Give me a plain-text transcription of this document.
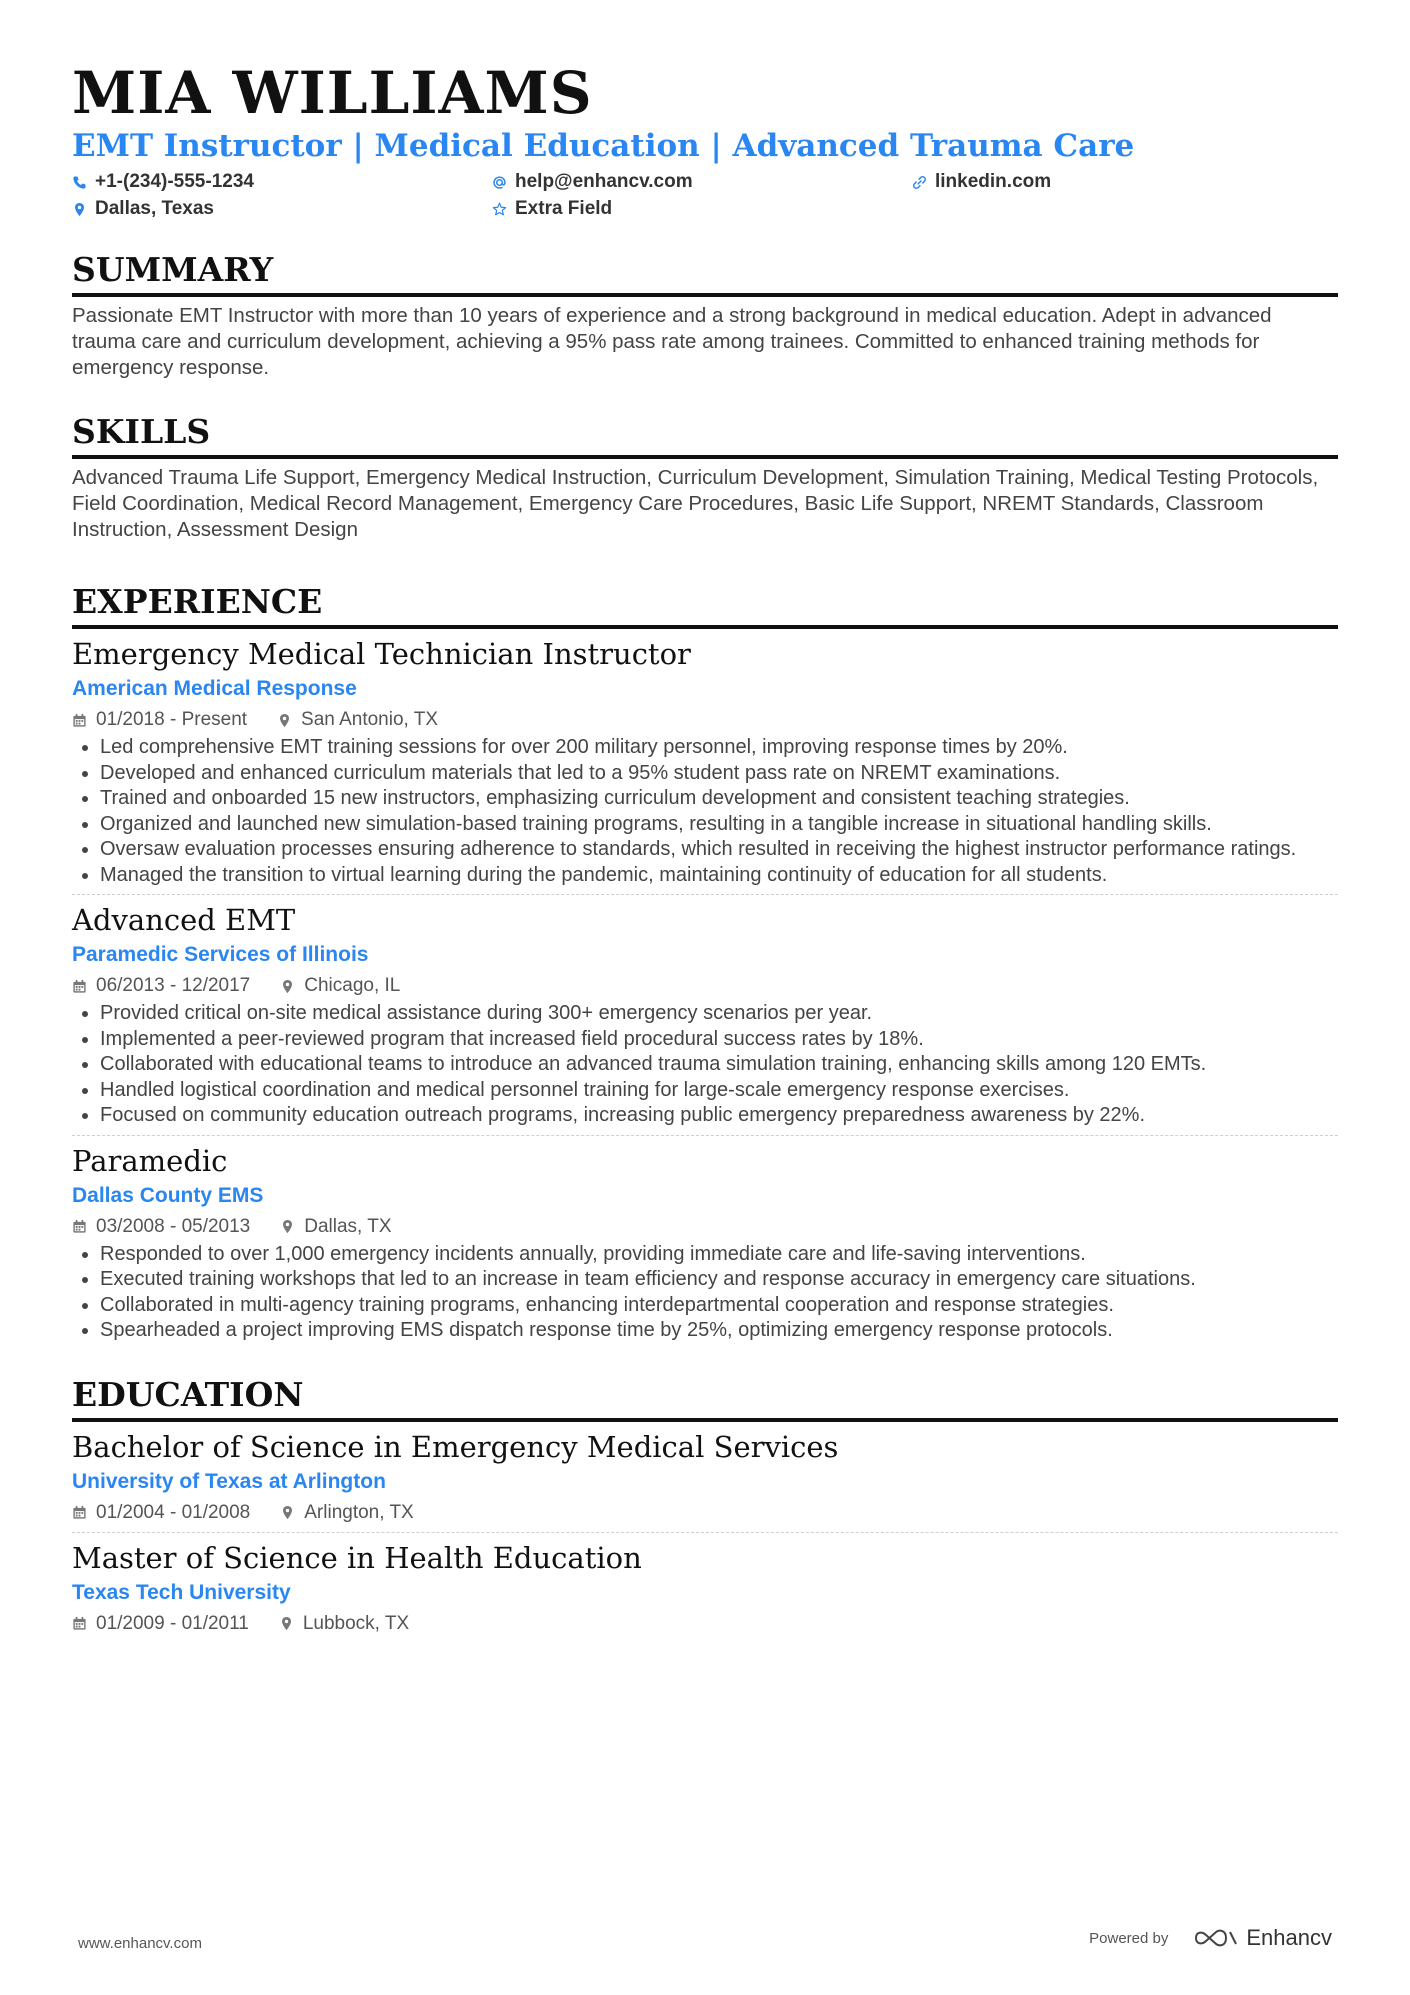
MIA WILLIAMS
EMT Instructor | Medical Education | Advanced Trauma Care
+1-(234)-555-1234	help@enhancv.com	linkedin.com
Dallas, Texas	Extra Field
SUMMARY

Passionate EMT Instructor with more than 10 years of experience and a strong background in medical education. Adept in advanced trauma care and curriculum development, achieving a 95% pass rate among trainees. Committed to enhanced training methods for emergency response.

SKILLS

Advanced Trauma Life Support, Emergency Medical Instruction, Curriculum Development, Simulation Training, Medical Testing Protocols, Field Coordination, Medical Record Management, Emergency Care Procedures, Basic Life Support, NREMT Standards, Classroom Instruction, Assessment Design

EXPERIENCE
Emergency Medical Technician Instructor
American Medical Response
01/2018 - Present	San Antonio, TX
• Led comprehensive EMT training sessions for over 200 military personnel, improving response times by 20%.
• Developed and enhanced curriculum materials that led to a 95% student pass rate on NREMT examinations.
• Trained and onboarded 15 new instructors, emphasizing curriculum development and consistent teaching strategies.
• Organized and launched new simulation-based training programs, resulting in a tangible increase in situational handling skills.
• Oversaw evaluation processes ensuring adherence to standards, which resulted in receiving the highest instructor performance ratings.
• Managed the transition to virtual learning during the pandemic, maintaining continuity of education for all students.
Advanced EMT
Paramedic Services of Illinois
06/2013 - 12/2017	Chicago, IL
• Provided critical on-site medical assistance during 300+ emergency scenarios per year.
• Implemented a peer-reviewed program that increased field procedural success rates by 18%.
• Collaborated with educational teams to introduce an advanced trauma simulation training, enhancing skills among 120 EMTs.
• Handled logistical coordination and medical personnel training for large-scale emergency response exercises.
• Focused on community education outreach programs, increasing public emergency preparedness awareness by 22%.
Paramedic
Dallas County EMS
03/2008 - 05/2013	Dallas, TX
• Responded to over 1,000 emergency incidents annually, providing immediate care and life-saving interventions.
• Executed training workshops that led to an increase in team efficiency and response accuracy in emergency care situations.
• Collaborated in multi-agency training programs, enhancing interdepartmental cooperation and response strategies.
• Spearheaded a project improving EMS dispatch response time by 25%, optimizing emergency response protocols.
EDUCATION
Bachelor of Science in Emergency Medical Services
University of Texas at Arlington
01/2004 - 01/2008	Arlington, TX
Master of Science in Health Education
Texas Tech University
01/2009 - 01/2011	Lubbock, TX
www.enhancv.com	Powered by	Enhancv
